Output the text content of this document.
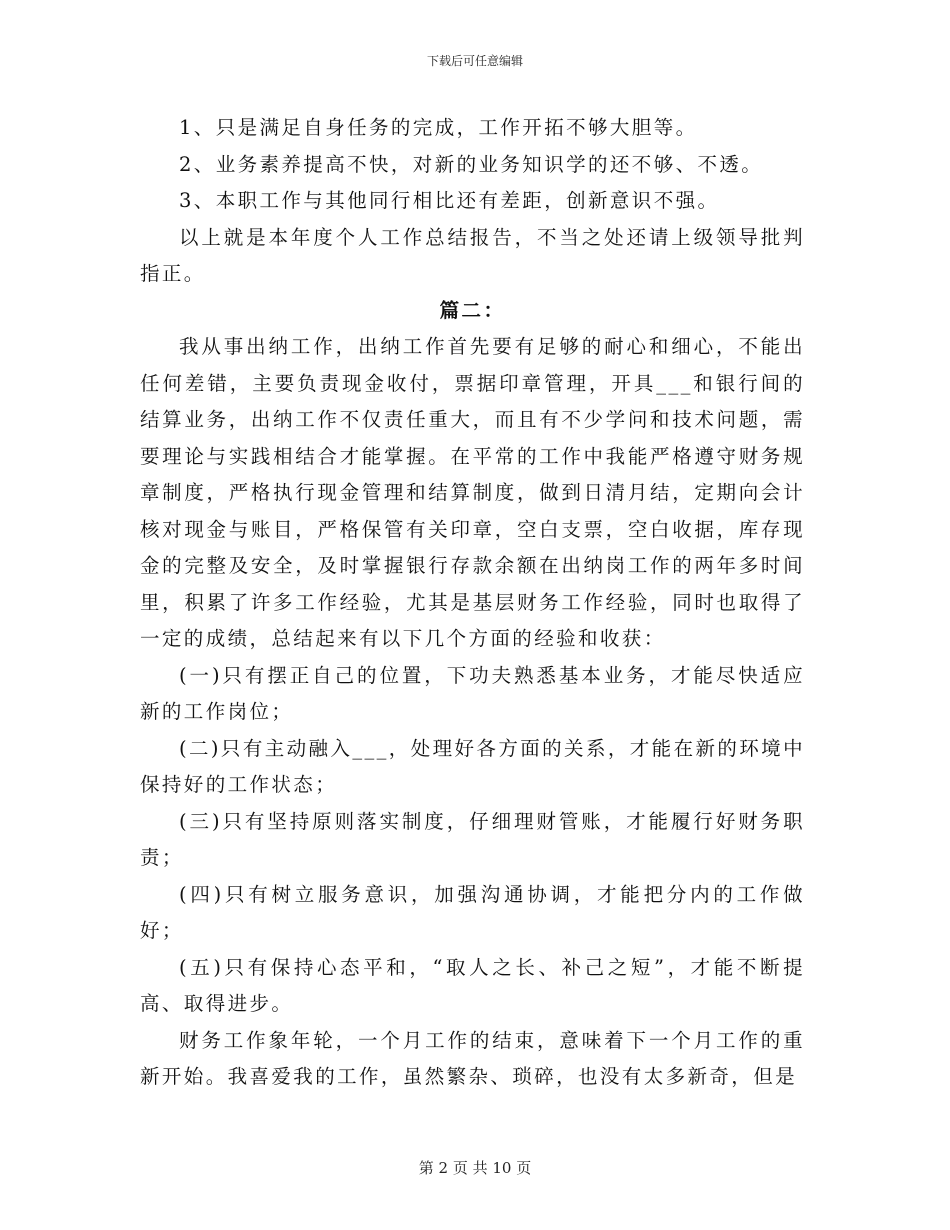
下载后可任意编辑

1、只是满足自身任务的完成，工作开拓不够大胆等。

2、业务素养提高不快，对新的业务知识学的还不够、不透。

3、本职工作与其他同行相比还有差距，创新意识不强。

以上就是本年度个人工作总结报告，不当之处还请上级领导批判指正。

篇二：

我从事出纳工作，出纳工作首先要有足够的耐心和细心，不能出任何差错，主要负责现金收付，票据印章管理，开具___和银行间的结算业务，出纳工作不仅责任重大，而且有不少学问和技术问题，需要理论与实践相结合才能掌握。在平常的工作中我能严格遵守财务规章制度，严格执行现金管理和结算制度，做到日清月结，定期向会计核对现金与账目，严格保管有关印章，空白支票，空白收据，库存现金的完整及安全，及时掌握银行存款余额在出纳岗工作的两年多时间里，积累了许多工作经验，尤其是基层财务工作经验，同时也取得了一定的成绩，总结起来有以下几个方面的经验和收获：

(一)只有摆正自己的位置，下功夫熟悉基本业务，才能尽快适应新的工作岗位；

(二)只有主动融入___，处理好各方面的关系，才能在新的环境中保持好的工作状态；

(三)只有坚持原则落实制度，仔细理财管账，才能履行好财务职责；

(四)只有树立服务意识，加强沟通协调，才能把分内的工作做好；

(五)只有保持心态平和，“取人之长、补己之短”，才能不断提高、取得进步。

财务工作象年轮，一个月工作的结束，意味着下一个月工作的重新开始。我喜爱我的工作，虽然繁杂、琐碎，也没有太多新奇，但是

第 2 页 共 10 页
